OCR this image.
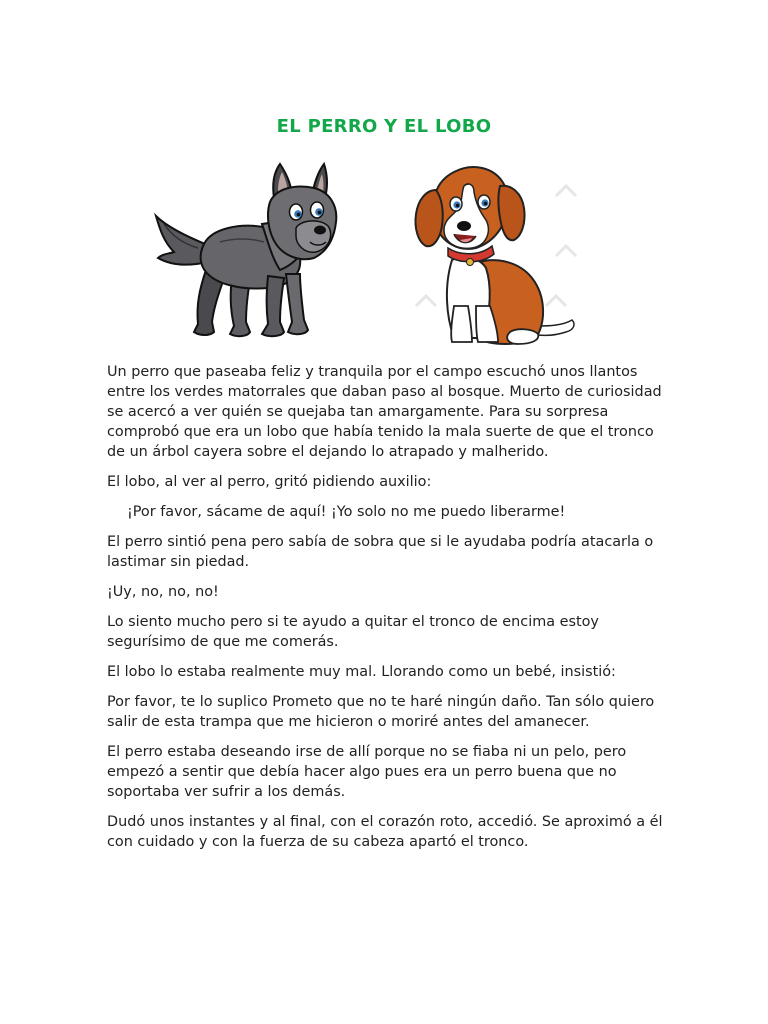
EL PERRO Y EL LOBO

Un perro que paseaba feliz y tranquila por el campo escuchó unos llantos entre los verdes matorrales que daban paso al bosque. Muerto de curiosidad se acercó a ver quién se quejaba tan amargamente. Para su sorpresa comprobó que era un lobo que había tenido la mala suerte de que el tronco de un árbol cayera sobre el dejando lo atrapado y malherido.

El lobo, al ver al perro, gritó pidiendo auxilio:

¡Por favor, sácame de aquí! ¡Yo solo no me puedo liberarme!

El perro sintió pena pero sabía de sobra que si le ayudaba podría atacarla o lastimar sin piedad.

¡Uy, no, no, no!

Lo siento mucho pero si te ayudo a quitar el tronco de encima estoy segurísimo de que me comerás.

El lobo lo estaba realmente muy mal. Llorando como un bebé, insistió:

Por favor, te lo suplico Prometo que no te haré ningún daño. Tan sólo quiero salir de esta trampa que me hicieron o moriré antes del amanecer.

El perro estaba deseando irse de allí porque no se fiaba ni un pelo, pero empezó a sentir que debía hacer algo pues era un perro buena que no soportaba ver sufrir a los demás.

Dudó unos instantes y al final, con el corazón roto, accedió. Se aproximó a él con cuidado y con la fuerza de su cabeza apartó el tronco.
